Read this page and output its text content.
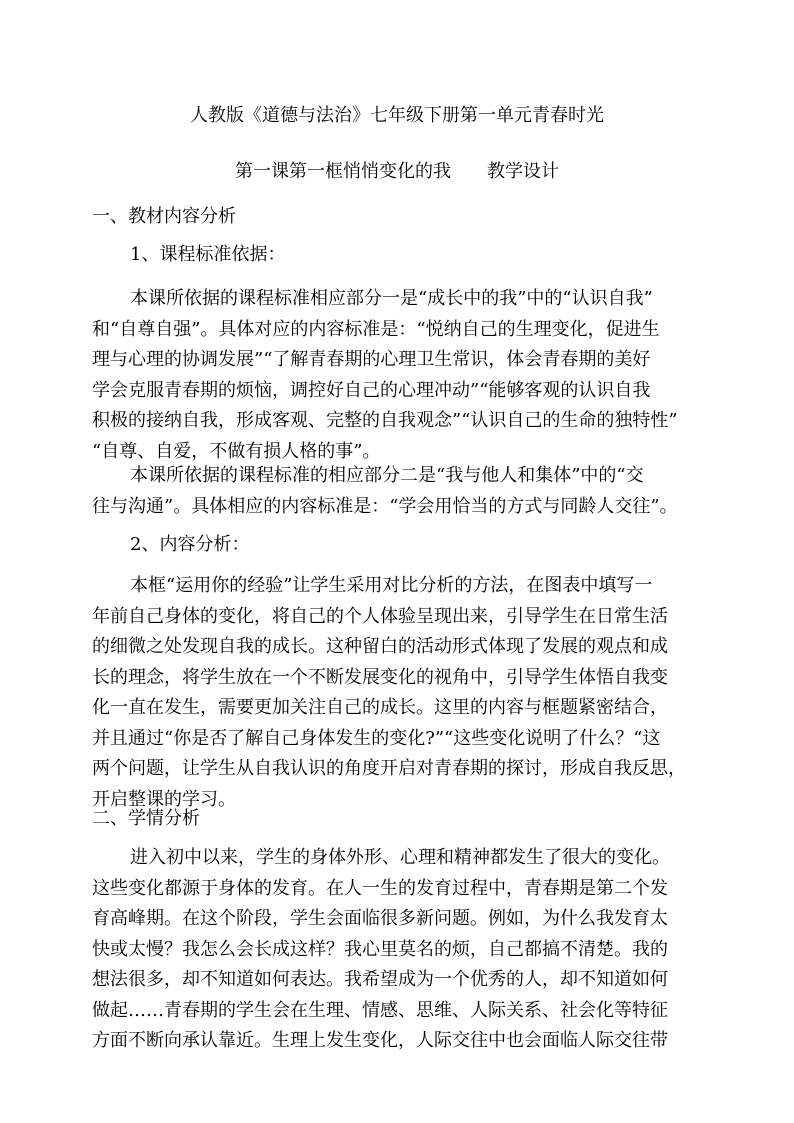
人教版《道德与法治》七年级下册第一单元青春时光
第一课第一框悄悄变化的我　　教学设计
一、教材内容分析
1、课程标准依据：
本课所依据的课程标准相应部分一是“成长中的我”中的“认识自我”
和“自尊自强”。具体对应的内容标准是：“悦纳自己的生理变化，促进生
理与心理的协调发展”“了解青春期的心理卫生常识，体会青春期的美好
学会克服青春期的烦恼，调控好自己的心理冲动”“能够客观的认识自我
积极的接纳自我，形成客观、完整的自我观念”“认识自己的生命的独特性”
“自尊、自爱，不做有损人格的事”。
本课所依据的课程标准的相应部分二是“我与他人和集体”中的“交
往与沟通”。具体相应的内容标准是：“学会用恰当的方式与同龄人交往”。
2、内容分析：
本框“运用你的经验”让学生采用对比分析的方法，在图表中填写一
年前自己身体的变化，将自己的个人体验呈现出来，引导学生在日常生活
的细微之处发现自我的成长。这种留白的活动形式体现了发展的观点和成
长的理念，将学生放在一个不断发展变化的视角中，引导学生体悟自我变
化一直在发生，需要更加关注自己的成长。这里的内容与框题紧密结合，
并且通过“你是否了解自己身体发生的变化?”“这些变化说明了什么？“这
两个问题，让学生从自我认识的角度开启对青春期的探讨，形成自我反思，
开启整课的学习。
二、学情分析
进入初中以来，学生的身体外形、心理和精神都发生了很大的变化。
这些变化都源于身体的发育。在人一生的发育过程中，青春期是第二个发
育高峰期。在这个阶段，学生会面临很多新问题。例如，为什么我发育太
快或太慢？我怎么会长成这样？我心里莫名的烦，自己都搞不清楚。我的
想法很多，却不知道如何表达。我希望成为一个优秀的人，却不知道如何
做起……青春期的学生会在生理、情感、思维、人际关系、社会化等特征
方面不断向承认靠近。生理上发生变化，人际交往中也会面临人际交往带
